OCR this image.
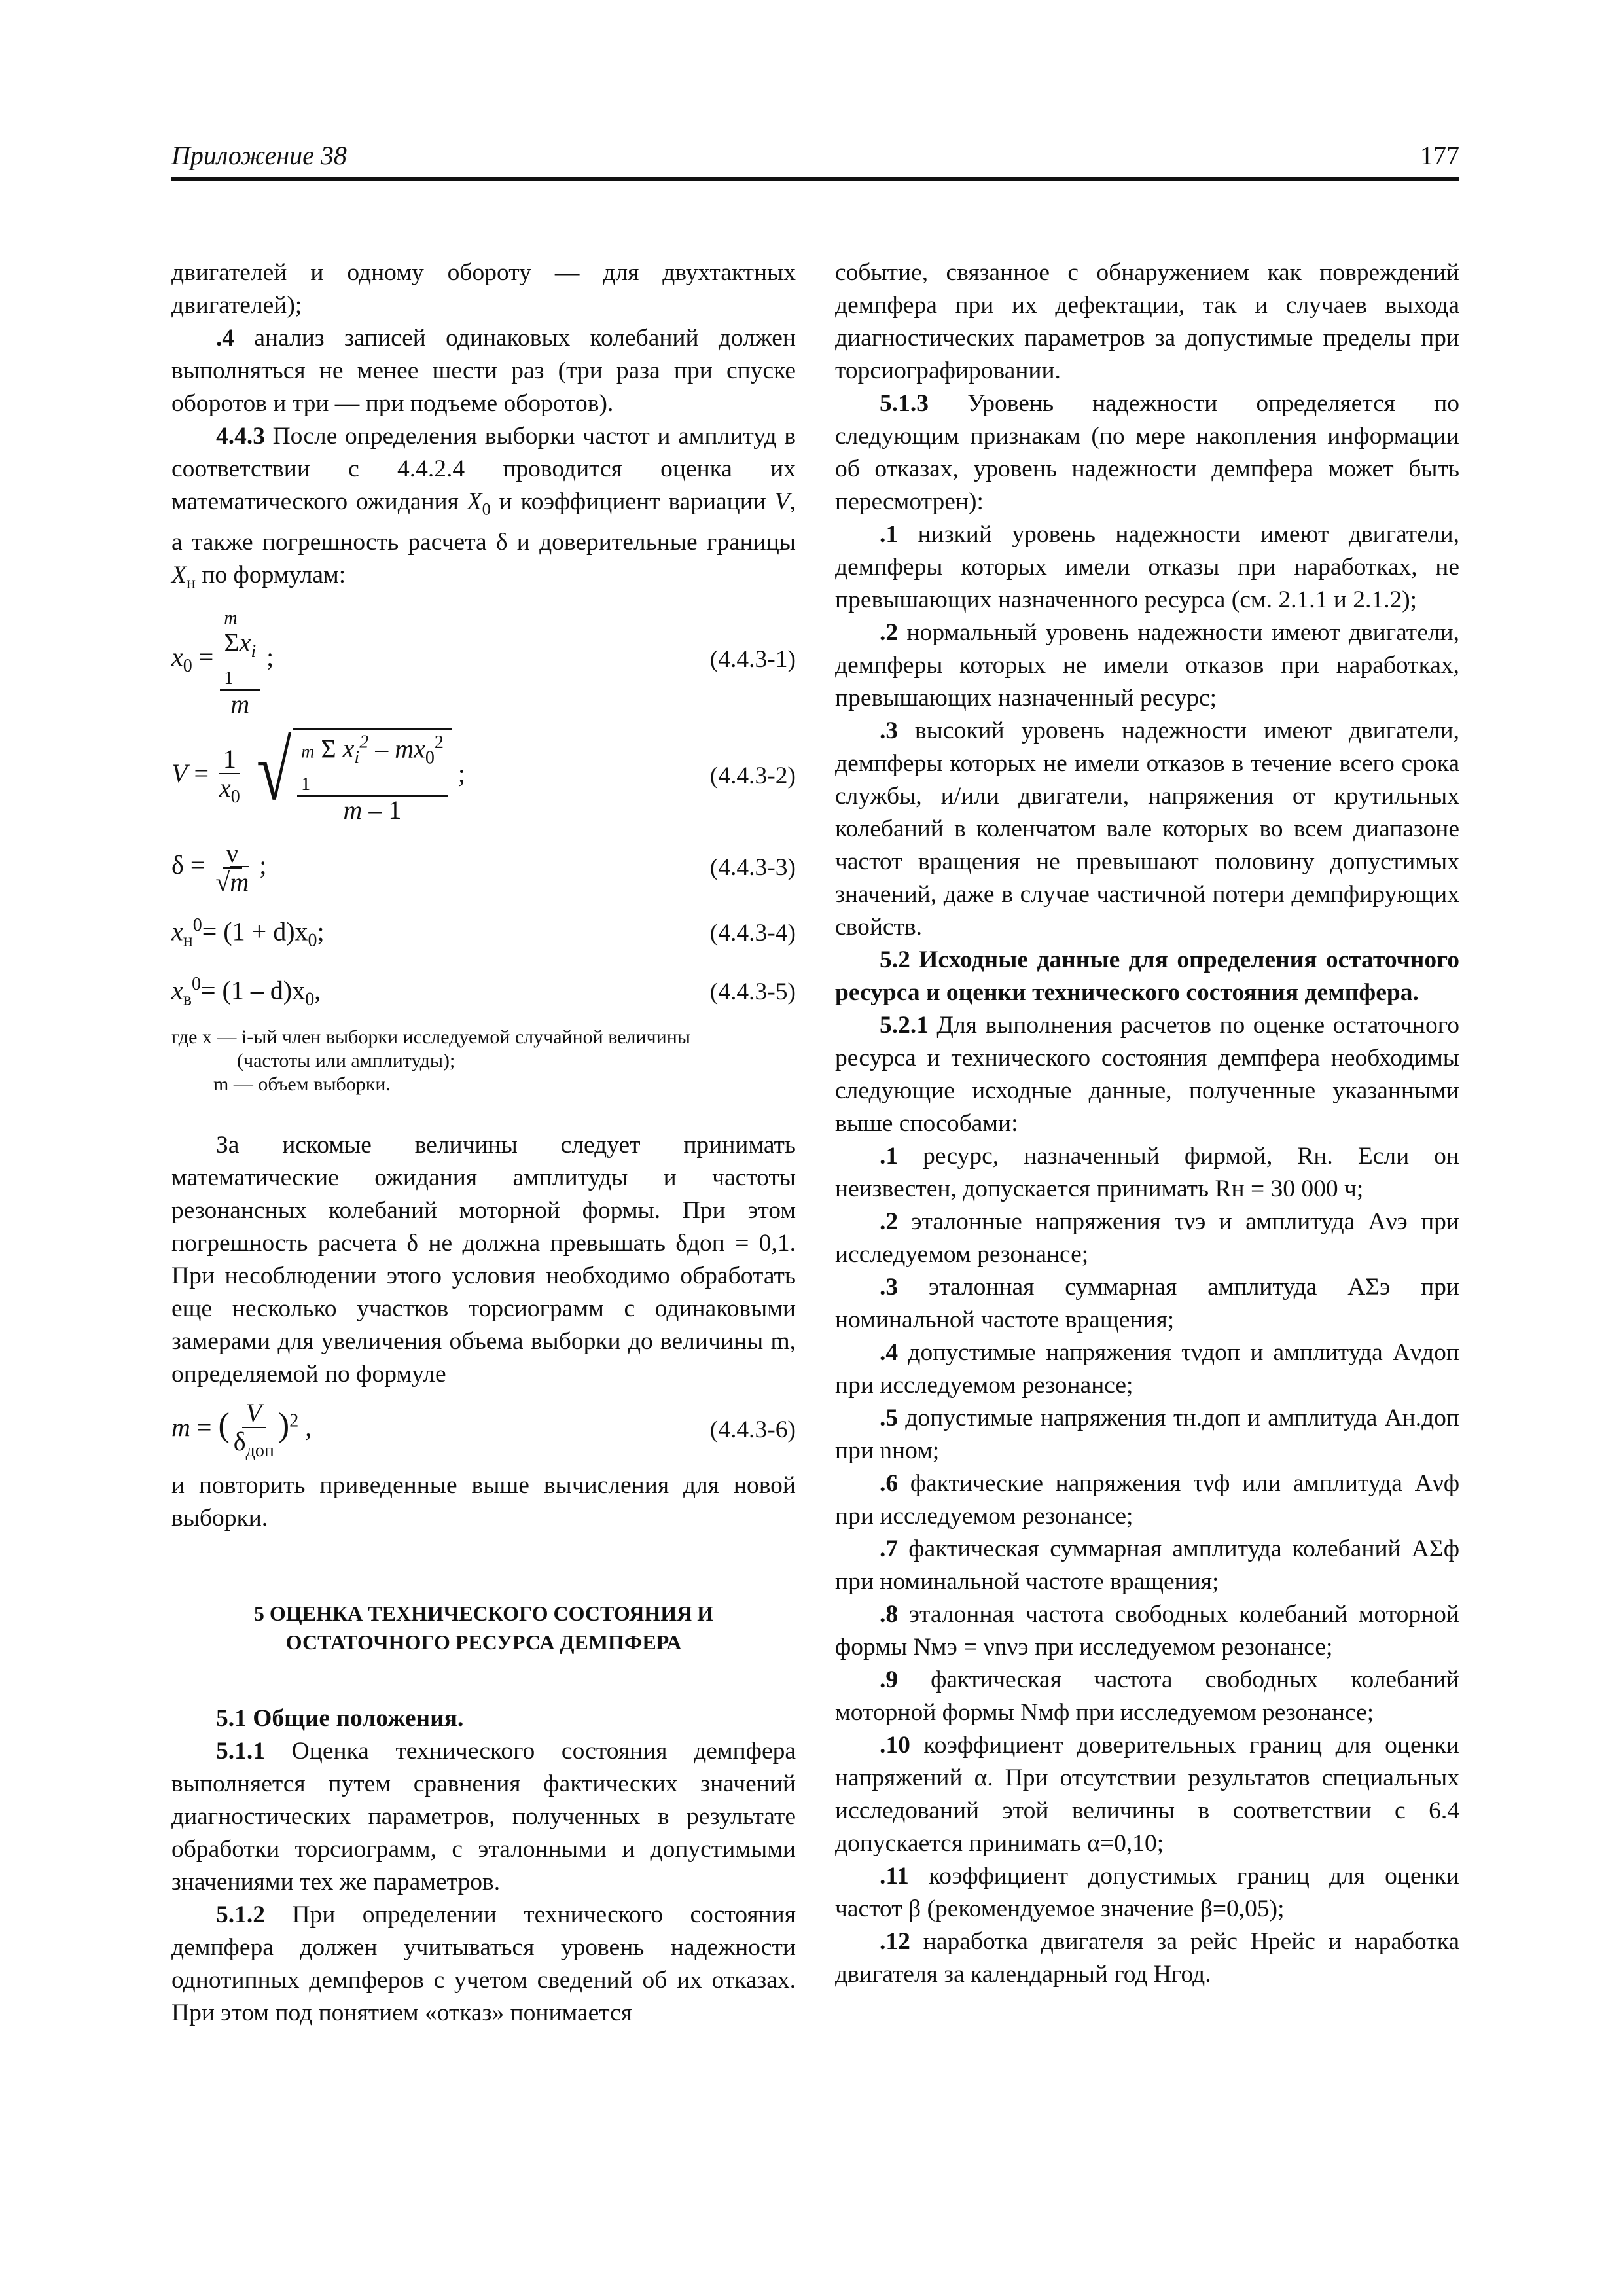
Приложение 38	177

двигателей и одному обороту — для двухтактных двигателей);

.4 анализ записей одинаковых колебаний должен выполняться не менее шести раз (три раза при спуске оборотов и три — при подъеме оборотов).

4.4.3 После определения выборки частот и амплитуд в соответствии с 4.4.2.4 проводится оценка их математического ожидания $X_0$ и коэффициент вариации V, а также погрешность расчета δ и доверительные границы $X_н$ по формулам:

$x_0$ =
m
$\Sigma x_i$
1
m
;	(4.4.3-1)
$V = \frac{1}{x_0}$
√ m Σ $x_i^2 - mx_0^2$
1
m – 1
;	(4.4.3-2)
$\delta = \frac{\nu}{√m}$ ;	(4.4.3-3)
$x_н^0= (1 + d)x_0$;	(4.4.3-4)
$x_в^0= (1 - d)x_0$,	(4.4.3-5)
где x — i-ый член выборки исследуемой случайной величины
(частоты или амплитуды);
m — объем выборки.

За искомые величины следует принимать математические ожидания амплитуды и частоты резонансных колебаний моторной формы. При этом погрешность расчета δ не должна превышать δдоп = 0,1. При несоблюдении этого условия необходимо обработать еще несколько участков торсиограмм с одинаковыми замерами для увеличения объема выборки до величины m, определяемой по формуле

m = ( $\frac{V}{\delta_{доп}} )^2$ ,	(4.4.3-6)

и повторить приведенные выше вычисления для новой выборки.

5 ОЦЕНКА ТЕХНИЧЕСКОГО СОСТОЯНИЯ И

ОСТАТОЧНОГО РЕСУРСА ДЕМПФЕРА

5.1 Общие положения.

5.1.1 Оценка технического состояния демпфера выполняется путем сравнения фактических значений диагностических параметров, полученных в результате обработки торсиограмм, с эталонными и допустимыми значениями тех же параметров.

5.1.2 При определении технического состояния демпфера должен учитываться уровень надежности однотипных демпферов с учетом сведений об их отказах. При этом под понятием «отказ» понимается

событие, связанное с обнаружением как повреждений демпфера при их дефектации, так и случаев выхода диагностических параметров за допустимые пределы при торсиографировании.

5.1.3 Уровень надежности определяется по следующим признакам (по мере накопления информации об отказах, уровень надежности демпфера может быть пересмотрен):

.1 низкий уровень надежности имеют двигатели, демпферы которых имели отказы при наработках, не превышающих назначенного ресурса (см. 2.1.1 и 2.1.2);

.2 нормальный уровень надежности имеют двигатели, демпферы которых не имели отказов при наработках, превышающих назначенный ресурс;

.3 высокий уровень надежности имеют двигатели, демпферы которых не имели отказов в течение всего срока службы, и/или двигатели, напряжения от крутильных колебаний в коленчатом вале которых во всем диапазоне частот вращения не превышают половину допустимых значений, даже в случае частичной потери демпфирующих свойств.

5.2 Исходные данные для определения остаточного ресурса и оценки технического состояния демпфера.

5.2.1 Для выполнения расчетов по оценке остаточного ресурса и технического состояния демпфера необходимы следующие исходные данные, полученные указанными выше способами:

.1 ресурс, назначенный фирмой, Rн. Если он неизвестен, допускается принимать Rн = 30 000 ч;

.2 эталонные напряжения τνэ и амплитуда Aνэ при исследуемом резонансе;

.3 эталонная суммарная амплитуда AΣэ при номинальной частоте вращения;

.4 допустимые напряжения τνдоп и амплитуда Aνдоп при исследуемом резонансе;

.5 допустимые напряжения τн.доп и амплитуда Aн.доп при nном;

.6 фактические напряжения τνф или амплитуда Aνф при исследуемом резонансе;

.7 фактическая суммарная амплитуда колебаний AΣф при номинальной частоте вращения;

.8 эталонная частота свободных колебаний моторной формы Nмэ = νnνэ при исследуемом резонансе;

.9 фактическая частота свободных колебаний моторной формы Nмф при исследуемом резонансе;

.10 коэффициент доверительных границ для оценки напряжений α. При отсутствии результатов специальных исследований этой величины в соответствии с 6.4 допускается принимать α=0,10;

.11 коэффициент допустимых границ для оценки частот β (рекомендуемое значение β=0,05);

.12 наработка двигателя за рейс Hрейс и наработка двигателя за календарный год Hгод.
